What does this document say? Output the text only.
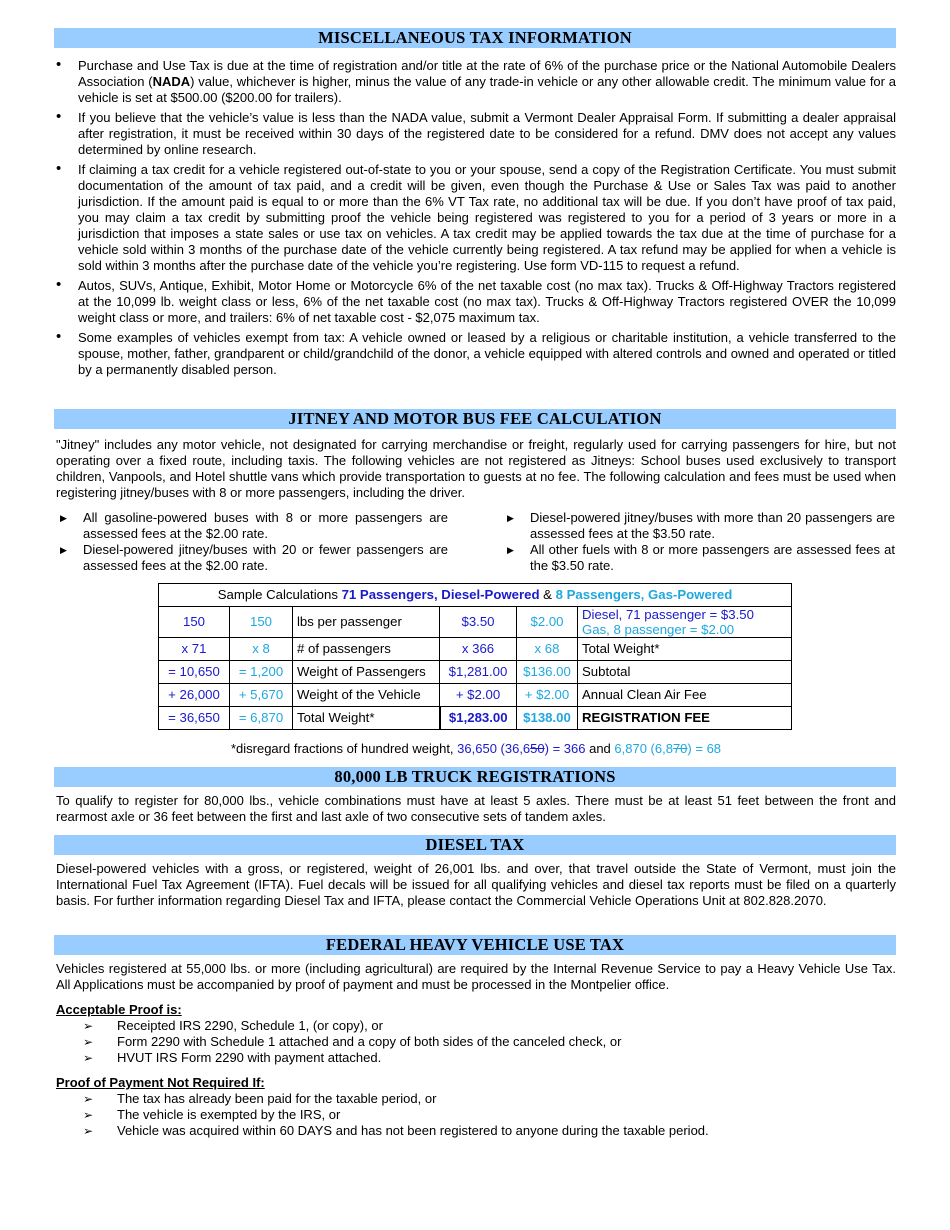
MISCELLANEOUS TAX INFORMATION
• Purchase and Use Tax is due at the time of registration and/or title at the rate of 6% of the purchase price or the National Automobile Dealers Association (NADA) value, whichever is higher, minus the value of any trade-in vehicle or any other allowable credit. The minimum value for a vehicle is set at $500.00 ($200.00 for trailers).
• If you believe that the vehicle’s value is less than the NADA value, submit a Vermont Dealer Appraisal Form. If submitting a dealer appraisal after registration, it must be received within 30 days of the registered date to be considered for a refund. DMV does not accept any values determined by online research.
• If claiming a tax credit for a vehicle registered out-of-state to you or your spouse, send a copy of the Registration Certificate. You must submit documentation of the amount of tax paid, and a credit will be given, even though the Purchase & Use or Sales Tax was paid to another jurisdiction. If the amount paid is equal to or more than the 6% VT Tax rate, no additional tax will be due. If you don’t have proof of tax paid, you may claim a tax credit by submitting proof the vehicle being registered was registered to you for a period of 3 years or more in a jurisdiction that imposes a state sales or use tax on vehicles. A tax credit may be applied towards the tax due at the time of purchase for a vehicle sold within 3 months of the purchase date of the vehicle currently being registered. A tax refund may be applied for when a vehicle is sold within 3 months after the purchase date of the vehicle you’re registering. Use form VD-115 to request a refund.
• Autos, SUVs, Antique, Exhibit, Motor Home or Motorcycle 6% of the net taxable cost (no max tax). Trucks & Off-Highway Tractors registered at the 10,099 lb. weight class or less, 6% of the net taxable cost (no max tax). Trucks & Off-Highway Tractors registered OVER the 10,099 weight class or more, and trailers: 6% of net taxable cost - $2,075 maximum tax.
• Some examples of vehicles exempt from tax: A vehicle owned or leased by a religious or charitable institution, a vehicle transferred to the spouse, mother, father, grandparent or child/grandchild of the donor, a vehicle equipped with altered controls and owned and operated or titled by a permanently disabled person.
JITNEY AND MOTOR BUS FEE CALCULATION

"Jitney" includes any motor vehicle, not designated for carrying merchandise or freight, regularly used for carrying passengers for hire, but not operating over a fixed route, including taxis. The following vehicles are not registered as Jitneys: School buses used exclusively to transport children, Vanpools, and Hotel shuttle vans which provide transportation to guests at no fee. The following calculation and fees must be used when registering jitney/buses with 8 or more passengers, including the driver.

▶ All gasoline-powered buses with 8 or more passengers are assessed fees at the $2.00 rate.
▶ Diesel-powered jitney/buses with 20 or fewer passengers are assessed fees at the $2.00 rate.
▶ Diesel-powered jitney/buses with more than 20 passengers are assessed fees at the $3.50 rate.
▶ All other fuels with 8 or more passengers are assessed fees at the $3.50 rate.
Sample Calculations 71 Passengers, Diesel-Powered & 8 Passengers, Gas-Powered					
150	150	lbs per passenger	$3.50	$2.00	Diesel, 71 passenger = $3.50
Gas, 8 passenger = $2.00

x 71	x 8	# of passengers	x 366	x 68	Total Weight*
= 10,650	= 1,200	Weight of Passengers	$1,281.00	$136.00	Subtotal
+ 26,000	+ 5,670	Weight of the Vehicle	+ $2.00	+ $2.00	Annual Clean Air Fee
= 36,650	= 6,870	Total Weight*	$1,283.00	$138.00	REGISTRATION FEE
*disregard fractions of hundred weight, 36,650 (36,650) = 366 and 6,870 (6,870) = 68
80,000 LB TRUCK REGISTRATIONS

To qualify to register for 80,000 lbs., vehicle combinations must have at least 5 axles. There must be at least 51 feet between the front and rearmost axle or 36 feet between the first and last axle of two consecutive sets of tandem axles.

DIESEL TAX

Diesel-powered vehicles with a gross, or registered, weight of 26,001 lbs. and over, that travel outside the State of Vermont, must join the International Fuel Tax Agreement (IFTA). Fuel decals will be issued for all qualifying vehicles and diesel tax reports must be filed on a quarterly basis. For further information regarding Diesel Tax and IFTA, please contact the Commercial Vehicle Operations Unit at 802.828.2070.

FEDERAL HEAVY VEHICLE USE TAX

Vehicles registered at 55,000 lbs. or more (including agricultural) are required by the Internal Revenue Service to pay a Heavy Vehicle Use Tax. All Applications must be accompanied by proof of payment and must be processed in the Montpelier office.

Acceptable Proof is:
➢ Receipted IRS 2290, Schedule 1, (or copy), or
➢ Form 2290 with Schedule 1 attached and a copy of both sides of the canceled check, or
➢ HVUT IRS Form 2290 with payment attached.
Proof of Payment Not Required If:
➢ The tax has already been paid for the taxable period, or
➢ The vehicle is exempted by the IRS, or
➢ Vehicle was acquired within 60 DAYS and has not been registered to anyone during the taxable period.
